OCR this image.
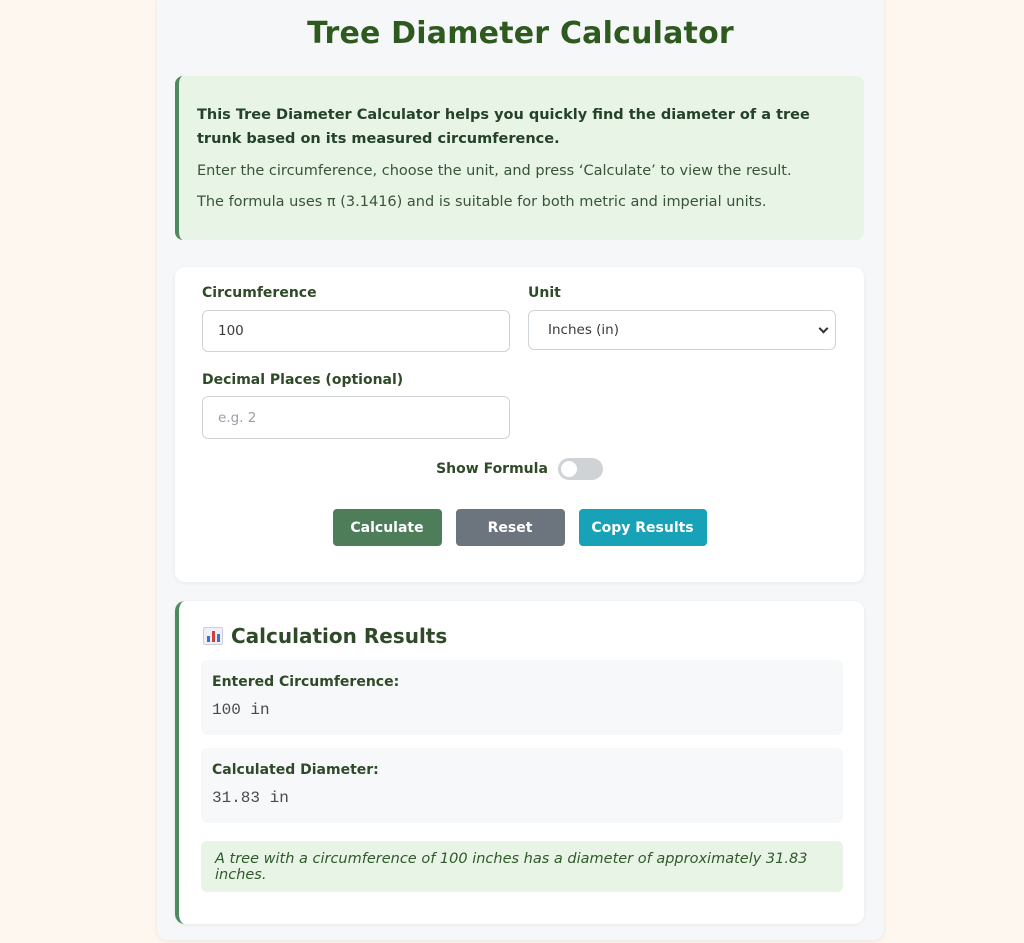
Tree Diameter Calculator

This Tree Diameter Calculator helps you quickly find the diameter of a tree trunk based on its measured circumference.

Enter the circumference, choose the unit, and press ‘Calculate’ to view the result.

The formula uses π (3.1416) and is suitable for both metric and imperial units.

Circumference
100
Unit
Inches (in)
Decimal Places (optional)
e.g. 2
Show Formula
Calculate	Reset	Copy Results
Calculation Results
Entered Circumference:
100 in
Calculated Diameter:
31.83 in
A tree with a circumference of 100 inches has a diameter of approximately 31.83 inches.
